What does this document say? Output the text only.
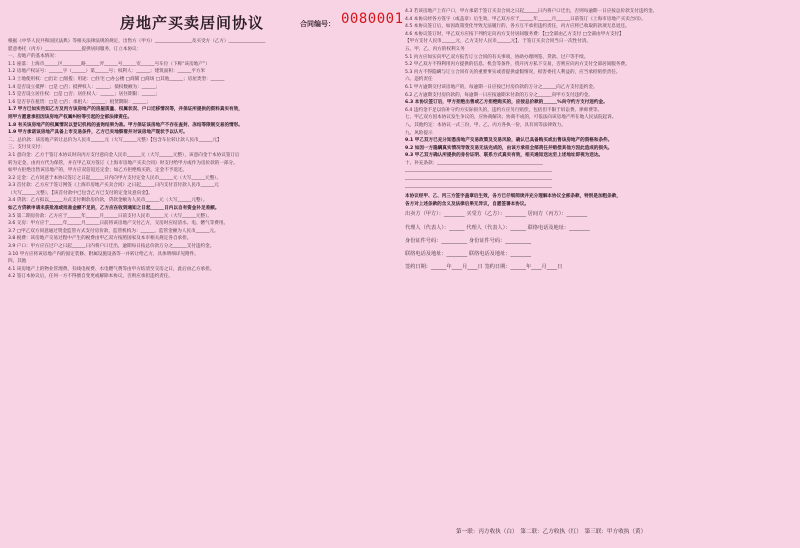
房地产买卖居间协议	合同编号： 0080001

根据《中华人民共和国民法典》等相关法律法规的规定，出售方（甲方）________________及买受方（乙方）________________

愿意委托（丙方）________________提供居间服务，订立本协议：

一、房地产的基本情况：

1.1 座落：上海市______区________路______弄______号______室______号车位（下称“该房地产”）

1.2 房地产权证号：______字（______）第______号；权利人：______；建筑面积：______平方米

1.3 土地使用权：□出让 □划拨；用途：□住宅 □办公楼 □商铺 □商场 □其他______；房屋类型：______

1.4 是否设立抵押：□是 □否；抵押权人：______；债权数额为：______；

1.5 是否设立居住权：□是 □否；居住权人：______；居住期限：______；

1.6 是否存在租赁：□是 □否；承租人：______；租赁期限：______；

1.7 甲方已如实告知乙方及丙方该房地产的房屋质量、权属状况、户口迁移情况等，并保证所提供的资料真实有效，

则甲方愿意承担因该房地产权属纠纷等引起的全部法律责任。

1.8 有关该房地产的权属情况以登记机构的查询结果为准。甲方保证该房地产不存在查封、冻结等限制交易的情形。

1.9 甲方承诺该房地产具备上市交易条件，乙方已实地察看并对该房地产现状予以认可。

二、总价款：该房地产转让总价为人民币______元（大写______元整）【包含车位转让款人民币______元】

三、支付及交付：

3.1 意向金：乙方于签订本协议时向丙方支付意向金人民币______元（大写______元整），该意向金于本协议签订后

转为定金，由丙方代为保管，并在甲乙双方签订《上海市房地产买卖合同》时支付给甲方或作为房价款的一部分。

如甲方拒绝出售该房地产的，甲方应双倍返还定金；如乙方拒绝购买的，定金不予返还。

3.2 定金：乙方同意于本协议签订之日起______日内向甲方支付定金人民币______元（大写______元整）。

3.3 首付款：乙方应于签订网签《上海市房地产买卖合同》之日起______日内支付首付款人民币______元

（大写______元整），【该首付款中已包含乙方已支付的定金及意向金】。

3.4 贷款：乙方拟以______方式支付剩余房价款，贷款金额为人民币______元（大写______元整）。

如乙方贷款申请未获批准或批准金额不足的，乙方应在收到通知之日起______日内以自有资金补足差额。

3.5 第二期房价款：乙方应于______年______月______日前支付人民币______元（大写______元整）。

3.6 交房：甲方应于______年______月______日前将该房地产交付乙方，交房时应结清水、电、燃气等费用。

3.7 □甲乙双方同意通过资金监管方式支付房价款，监管机构为：______，监管金额为人民币______元。

3.8 税费：该房地产交易过程中产生的税费由甲乙双方按照国家及本市相关规定各自承担。

3.9 户口：甲方应在过户之日起______日内将户口迁出，逾期每日按总价款万分之______支付违约金。

3.10 甲方应将该房地产内的固定装修、附属设施设备等一并转让给乙方，具体明细详见附件。

四、其他

4.1 该房地产上的物业管理费、有线电视费、水电燃气费等由甲方结清至交房之日，此后由乙方承担。

4.2 签订本协议后，任何一方不得擅自变更或解除本协议，否则应承担违约责任。

4.3 若该房地产上有户口，甲方承诺于签订买卖合同之日起______日内将户口迁出，否则每逾期一日应按总价款支付违约金。

4.4 本协议经各方签字（或盖章）后生效，甲乙双方应于______年______月______日前签订《上海市房地产买卖合同》。

4.5 本协议签订后，如因政策变化导致无法履行的，各方互不承担违约责任，丙方应将已收取的款项无息退还。

4.6 本协议签订时，甲乙双方应按下列约定向丙方支付居间服务费：【□全部由乙方支付 □全部由甲方支付】

【甲方支付人民币______元，乙方支付人民币______元】，于签订买卖合同当日一次性付清。

五、甲、乙、丙方的权利义务

5.1 丙方应如实向甲乙双方报告订立合同的有关事项，协助办理网签、贷款、过户等手续。

5.2 甲乙双方不得利用丙方提供的信息、机会等条件，绕开丙方私下交易，否则应向丙方支付全部居间服务费。

5.3 丙方不得隐瞒与订立合同有关的重要事实或者提供虚假情况，损害委托人利益的，应当承担赔偿责任。

六、违约责任

6.1 甲方逾期交付该房地产的，每逾期一日应按已付房价款的万分之______向乙方支付违约金。

6.2 乙方逾期支付房价款的，每逾期一日应按逾期未付款的万分之______向甲方支付违约金。

6.3 本协议签订后，甲方拒绝出售或乙方拒绝购买的，应按总价款的______%向守约方支付违约金。

6.4 违约金不足以弥补守约方实际损失的，违约方应另行赔偿，包括但不限于诉讼费、律师费等。

七、甲乙双方因本协议发生争议的，应协商解决；协商不成的，可依法向该房地产所在地人民法院起诉。

八、其他约定：本协议一式三份，甲、乙、丙方各执一份，具有同等法律效力。

九、风险提示

9.1 甲乙双方已充分知悉房地产交易政策及交易风险，确认已具备购买或出售该房地产的资格和条件。

9.2 如因一方隐瞒真实情况导致交易无法完成的，由该方承担全部责任并赔偿其他方因此造成的损失。

9.3 甲乙双方确认所提供的身份证明、联系方式真实有效，相关通知送达至上述地址即视为送达。

十、补充条款：______________________________________________

________________________________________________________________

________________________________________________________________

________________________________________________________________

本协议经甲、乙、丙三方签字盖章后生效，各方已仔细阅读并充分理解本协议全部条款，特别是加粗条款，

各方对上述条款的含义及法律后果无异议，自愿签署本协议。

出卖方（甲方）：________ 买受方（乙方）：________ 居间方（丙方）：________

代理人（代表人）：______ 代理人（代表人）：______ 联络电话及地址：________

身份证件号码：__________ 身份证件号码：__________

联络电话及地址：________ 联络电话及地址：________

签约日期：______年____月____日 签约日期：______年____月____日

第一联：丙方收执（白）　第二联：乙方收执（红）　第三联：甲方收执（黄）
